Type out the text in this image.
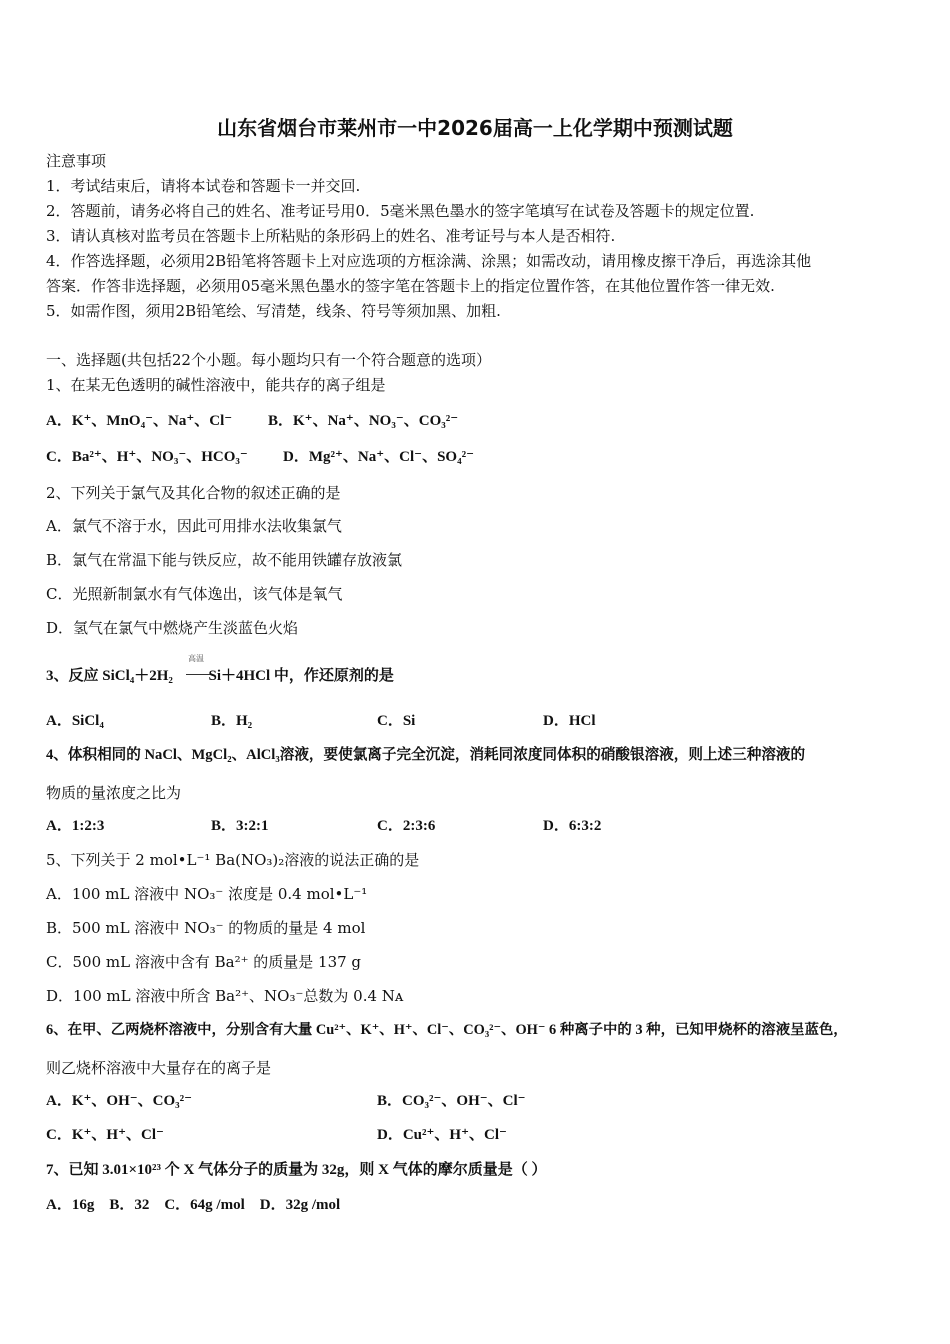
山东省烟台市莱州市一中2026届高一上化学期中预测试题
注意事项
1．考试结束后，请将本试卷和答题卡一并交回.
2．答题前，请务必将自己的姓名、准考证号用0．5毫米黑色墨水的签字笔填写在试卷及答题卡的规定位置.
3．请认真核对监考员在答题卡上所粘贴的条形码上的姓名、准考证号与本人是否相符.
4．作答选择题，必须用2B铅笔将答题卡上对应选项的方框涂满、涂黑；如需改动，请用橡皮擦干净后，再选涂其他
答案．作答非选择题，必须用05毫米黑色墨水的签字笔在答题卡上的指定位置作答，在其他位置作答一律无效.
5．如需作图，须用2B铅笔绘、写清楚，线条、符号等须加黑、加粗.
一、选择题(共包括22个小题。每小题均只有一个符合题意的选项）
1、在某无色透明的碱性溶液中，能共存的离子组是
A．K⁺、MnO₄⁻、Na⁺、Cl⁻ B．K⁺、Na⁺、NO₃⁻、CO₃²⁻
C．Ba²⁺、H⁺、NO₃⁻、HCO₃⁻ D．Mg²⁺、Na⁺、Cl⁻、SO₄²⁻
2、下列关于氯气及其化合物的叙述正确的是
A．氯气不溶于水，因此可用排水法收集氯气
B．氯气在常温下能与铁反应，故不能用铁罐存放液氯
C．光照新制氯水有气体逸出，该气体是氧气
D．氢气在氯气中燃烧产生淡蓝色火焰
3、反应 SiCl₄＋2H₂ Si＋4HCl 中，作还原剂的是
高温
A．SiCl₄	B．H₂	C．Si	D．HCl
4、体积相同的 NaCl、MgCl₂、AlCl₃溶液，要使氯离子完全沉淀，消耗同浓度同体积的硝酸银溶液，则上述三种溶液的
物质的量浓度之比为
A．1:2:3	B．3:2:1	C．2:3:6	D．6:3:2
5、下列关于 2 mol•L⁻¹ Ba(NO₃)₂溶液的说法正确的是
A．100 mL 溶液中 NO₃⁻ 浓度是 0.4 mol•L⁻¹
B．500 mL 溶液中 NO₃⁻ 的物质的量是 4 mol
C．500 mL 溶液中含有 Ba²⁺ 的质量是 137 g
D．100 mL 溶液中所含 Ba²⁺、NO₃⁻总数为 0.4 Nᴀ
6、在甲、乙两烧杯溶液中，分别含有大量 Cu²⁺、K⁺、H⁺、Cl⁻、CO₃²⁻、OH⁻ 6 种离子中的 3 种，已知甲烧杯的溶液呈蓝色，
则乙烧杯溶液中大量存在的离子是
A．K⁺、OH⁻、CO₃²⁻	B．CO₃²⁻、OH⁻、Cl⁻
C．K⁺、H⁺、Cl⁻	D．Cu²⁺、H⁺、Cl⁻
7、已知 3.01×10²³ 个 X 气体分子的质量为 32g，则 X 气体的摩尔质量是（ ）
A．16g　B．32　C．64g /mol　D．32g /mol
